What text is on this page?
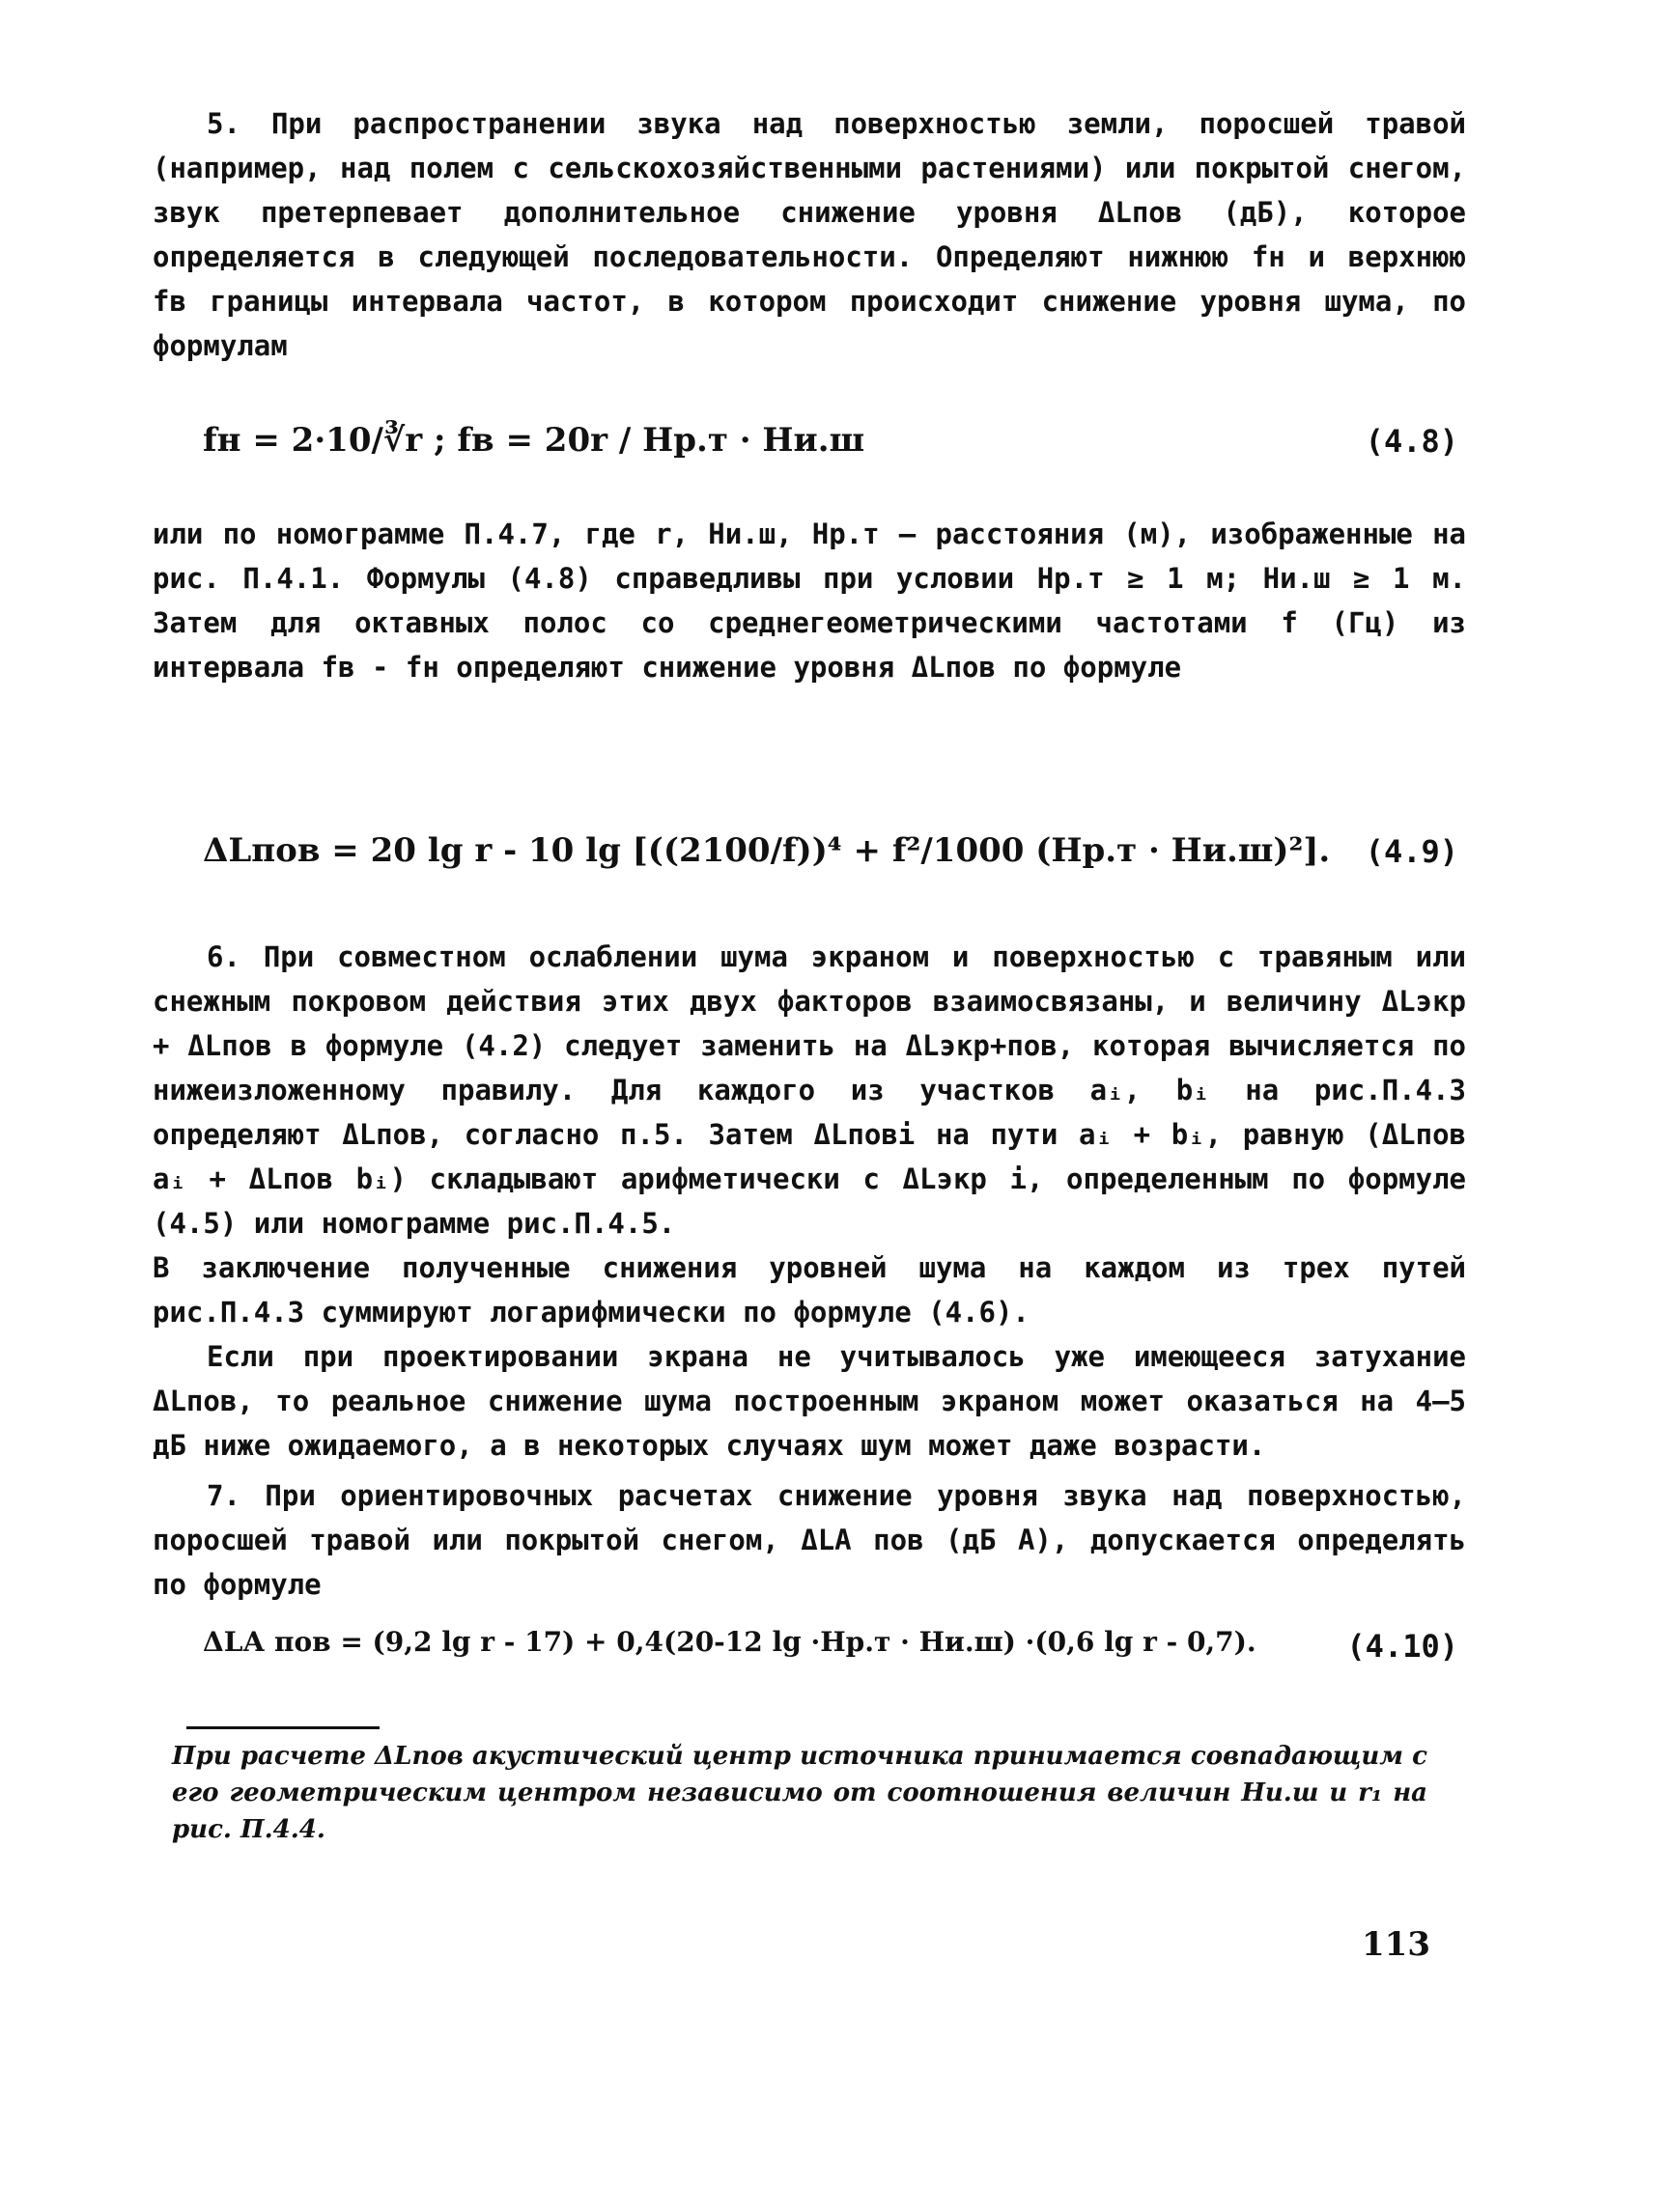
5. При распространении звука над поверхностью земли, поросшей травой (например, над полем с сельскохозяйственными растениями) или покрытой снегом, звук претерпевает дополнительное снижение уровня ΔLпов (дБ), которое определяется в следующей последовательности. Определяют нижнюю fн и верхнюю fв границы интервала частот, в котором происходит снижение уровня шума, по формулам

fн = 2·10/∛r ; fв = 20r / Hр.т · Hи.ш	(4.8)

или по номограмме П.4.7, где r, Hи.ш, Hр.т – расстояния (м), изображенные на рис. П.4.1. Формулы (4.8) справедливы при условии Hр.т ≥ 1 м; Hи.ш ≥ 1 м. Затем для октавных полос со среднегеометрическими частотами f (Гц) из интервала fв - fн определяют снижение уровня ΔLпов по формуле

ΔLпов = 20 lg r - 10 lg [((2100/f))⁴ + f²/1000 (Hр.т · Hи.ш)²]. (4.9)

6. При совместном ослаблении шума экраном и поверхностью с травяным или снежным покровом действия этих двух факторов взаимосвязаны, и величину ΔLэкр + ΔLпов в формуле (4.2) следует заменить на ΔLэкр+пов, которая вычисляется по нижеизложенному правилу. Для каждого из участков aᵢ, bᵢ на рис.П.4.3 определяют ΔLпов, согласно п.5. Затем ΔLповi на пути aᵢ + bᵢ, равную (ΔLпов aᵢ + ΔLпов bᵢ) складывают арифметически с ΔLэкр i, определенным по формуле (4.5) или номограмме рис.П.4.5.

В заключение полученные снижения уровней шума на каждом из трех путей рис.П.4.3 суммируют логарифмически по формуле (4.6).

Если при проектировании экрана не учитывалось уже имеющееся затухание ΔLпов, то реальное снижение шума построенным экраном может оказаться на 4–5 дБ ниже ожидаемого, а в некоторых случаях шум может даже возрасти.

113

7. При ориентировочных расчетах снижение уровня звука над поверхностью, поросшей травой или покрытой снегом, ΔLА пов (дБ А), допускается определять по формуле

ΔLА пов = (9,2 lg r - 17) + 0,4(20-12 lg ·Hр.т · Hи.ш) ·(0,6 lg r - 0,7).	(4.10)
При расчете ΔLпов акустический центр источника принимается совпадающим с его геометрическим центром независимо от соотношения величин Hи.ш и r₁ на рис. П.4.4.
